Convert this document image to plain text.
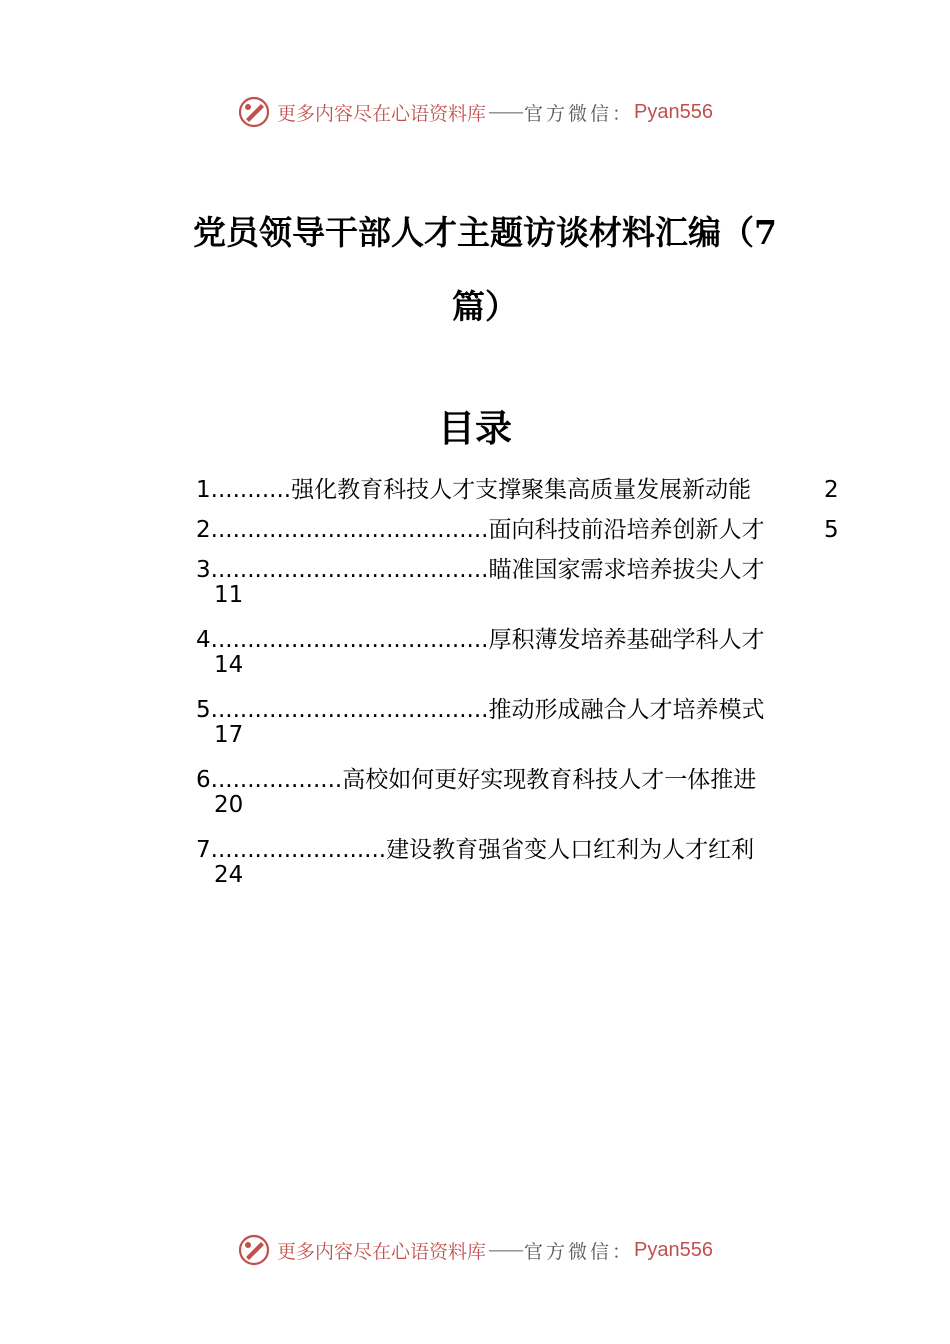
更多内容尽在心语资料库 —— 官方微信： Pyan556
党员领导干部人才主题访谈材料汇编（7
篇）
目录
1...........强化教育科技人才支撑聚集高质量发展新动能	2
2......................................面向科技前沿培养创新人才	5
3......................................瞄准国家需求培养拔尖人才
11
4......................................厚积薄发培养基础学科人才
14
5......................................推动形成融合人才培养模式
17
6..................高校如何更好实现教育科技人才一体推进
20
7........................建设教育强省变人口红利为人才红利
24
更多内容尽在心语资料库 —— 官方微信： Pyan556
